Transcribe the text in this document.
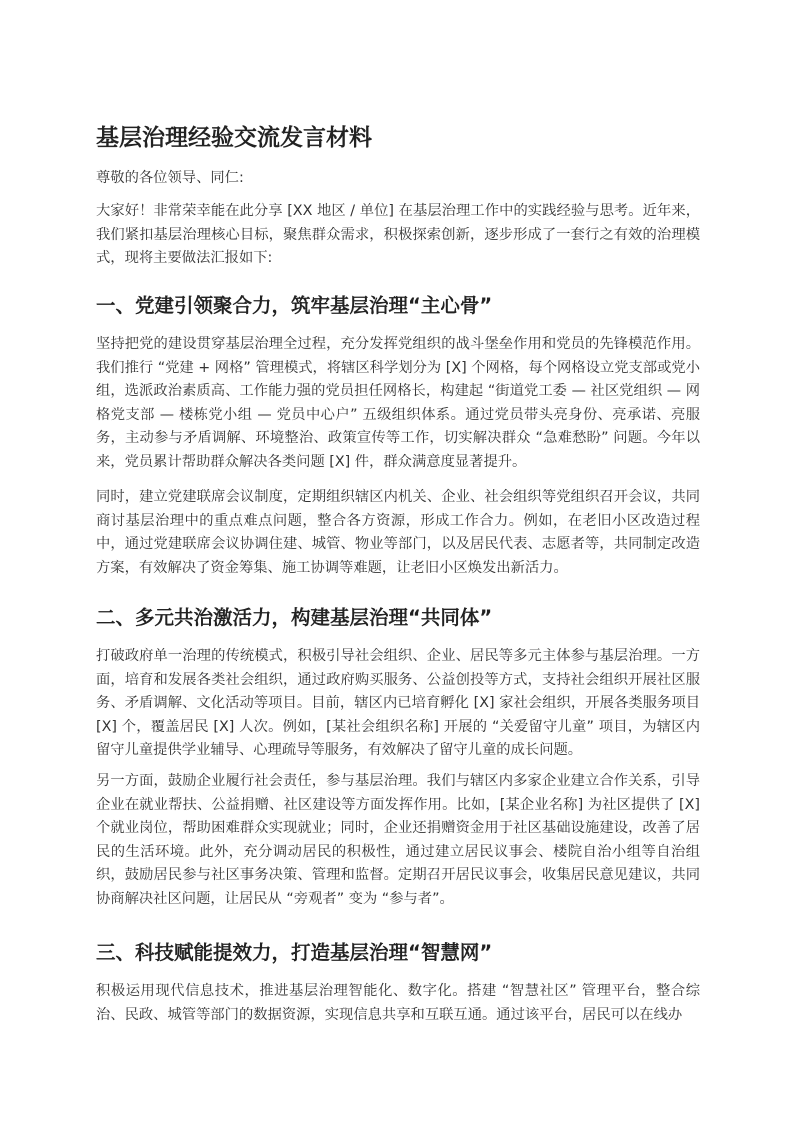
基层治理经验交流发言材料

尊敬的各位领导、同仁:

大家好！非常荣幸能在此分享 [XX 地区 / 单位] 在基层治理工作中的实践经验与思考。近年来，我们紧扣基层治理核心目标，聚焦群众需求，积极探索创新，逐步形成了一套行之有效的治理模式，现将主要做法汇报如下:

一、党建引领聚合力，筑牢基层治理“主心骨”

坚持把党的建设贯穿基层治理全过程，充分发挥党组织的战斗堡垒作用和党员的先锋模范作用。我们推行 “党建 + 网格” 管理模式，将辖区科学划分为 [X] 个网格，每个网格设立党支部或党小组，选派政治素质高、工作能力强的党员担任网格长，构建起 “街道党工委 — 社区党组织 — 网格党支部 — 楼栋党小组 — 党员中心户” 五级组织体系。通过党员带头亮身份、亮承诺、亮服务，主动参与矛盾调解、环境整治、政策宣传等工作，切实解决群众 “急难愁盼” 问题。今年以来，党员累计帮助群众解决各类问题 [X] 件，群众满意度显著提升。

同时，建立党建联席会议制度，定期组织辖区内机关、企业、社会组织等党组织召开会议，共同商讨基层治理中的重点难点问题，整合各方资源，形成工作合力。例如，在老旧小区改造过程中，通过党建联席会议协调住建、城管、物业等部门，以及居民代表、志愿者等，共同制定改造方案，有效解决了资金筹集、施工协调等难题，让老旧小区焕发出新活力。

二、多元共治激活力，构建基层治理“共同体”

打破政府单一治理的传统模式，积极引导社会组织、企业、居民等多元主体参与基层治理。一方面，培育和发展各类社会组织，通过政府购买服务、公益创投等方式，支持社会组织开展社区服务、矛盾调解、文化活动等项目。目前，辖区内已培育孵化 [X] 家社会组织，开展各类服务项目 [X] 个，覆盖居民 [X] 人次。例如，[某社会组织名称] 开展的 “关爱留守儿童” 项目，为辖区内留守儿童提供学业辅导、心理疏导等服务，有效解决了留守儿童的成长问题。

另一方面，鼓励企业履行社会责任，参与基层治理。我们与辖区内多家企业建立合作关系，引导企业在就业帮扶、公益捐赠、社区建设等方面发挥作用。比如，[某企业名称] 为社区提供了 [X] 个就业岗位，帮助困难群众实现就业；同时，企业还捐赠资金用于社区基础设施建设，改善了居民的生活环境。此外，充分调动居民的积极性，通过建立居民议事会、楼院自治小组等自治组织，鼓励居民参与社区事务决策、管理和监督。定期召开居民议事会，收集居民意见建议，共同协商解决社区问题，让居民从 “旁观者” 变为 “参与者”。

三、科技赋能提效力，打造基层治理“智慧网”

积极运用现代信息技术，推进基层治理智能化、数字化。搭建 “智慧社区” 管理平台，整合综治、民政、城管等部门的数据资源，实现信息共享和互联互通。通过该平台，居民可以在线办
